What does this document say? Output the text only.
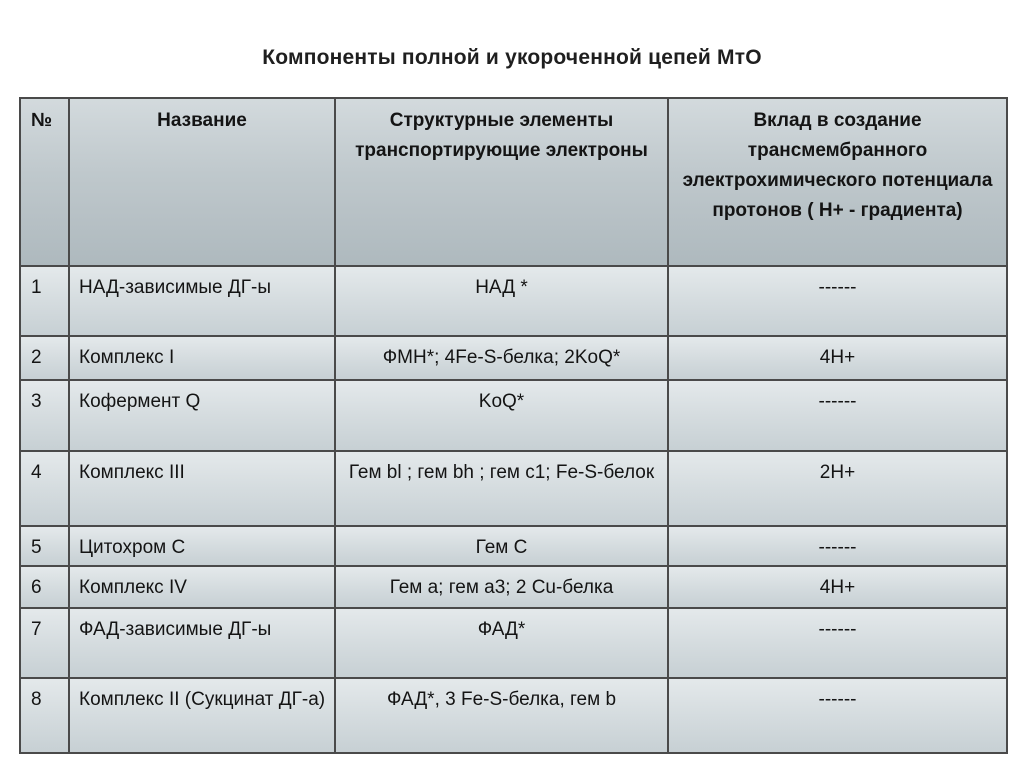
Компоненты полной и укороченной цепей МтО
№	Название	Структурные элементы транспортирующие электроны	Вклад в создание трансмембранного электрохимического потенциала протонов ( Н+ - градиента)
1	НАД-зависимые ДГ-ы	НАД *	------
2	Комплекс I	ФМН*; 4Fe-S-белка; 2KoQ*	4H+
3	Кофермент Q	KoQ*	------
4	Комплекс III	Гем bl ; гем bh ; гем c1; Fe-S-белок	2H+
5	Цитохром С	Гем С	------
6	Комплекс IV	Гем a; гем a3; 2 Cu-белка	4H+
7	ФАД-зависимые ДГ-ы	ФАД*	------
8	Комплекс II (Сукцинат ДГ-а)	ФАД*, 3 Fe-S-белка, гем b	------
